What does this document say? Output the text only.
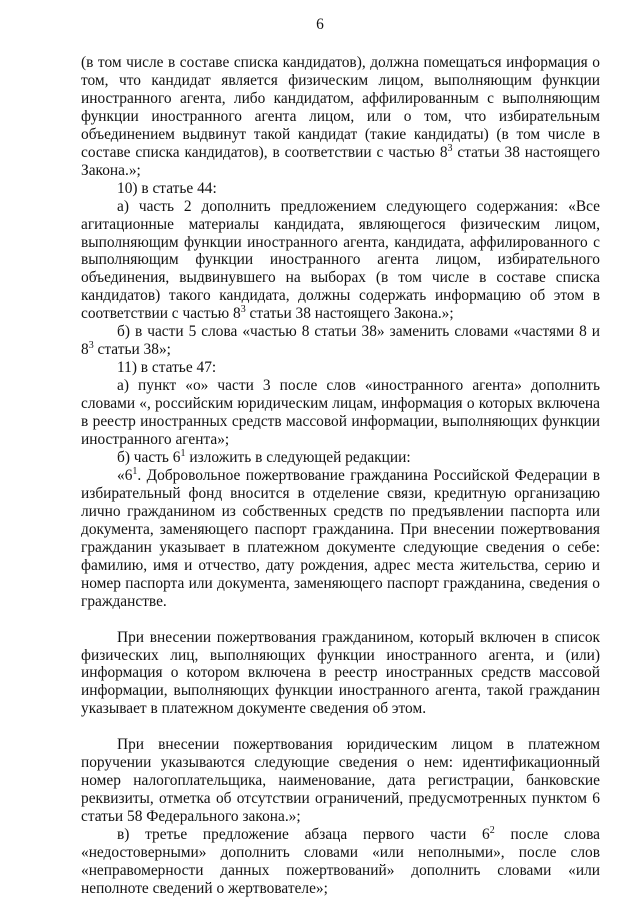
6

(в том числе в составе списка кандидатов), должна помещаться информация о том, что кандидат является физическим лицом, выполняющим функции иностранного агента, либо кандидатом, аффилированным с выполняющим функции иностранного агента лицом, или о том, что избирательным объединением выдвинут такой кандидат (такие кандидаты) (в том числе в составе списка кандидатов), в соответствии с частью $8^3$ статьи 38 настоящего Закона.»;

10) в статье 44:

а) часть 2 дополнить предложением следующего содержания: «Все агитационные материалы кандидата, являющегося физическим лицом, выполняющим функции иностранного агента, кандидата, аффилированного с выполняющим функции иностранного агента лицом, избирательного объединения, выдвинувшего на выборах (в том числе в составе списка кандидатов) такого кандидата, должны содержать информацию об этом в соответствии с частью $8^3$ статьи 38 настоящего Закона.»;

б) в части 5 слова «частью 8 статьи 38» заменить словами «частями 8 и $8^3$ статьи 38»;

11) в статье 47:

а) пункт «о» части 3 после слов «иностранного агента» дополнить словами «, российским юридическим лицам, информация о которых включена в реестр иностранных средств массовой информации, выполняющих функции иностранного агента»;

б) часть $6^1$ изложить в следующей редакции:

«$6^1$. Добровольное пожертвование гражданина Российской Федерации в избирательный фонд вносится в отделение связи, кредитную организацию лично гражданином из собственных средств по предъявлении паспорта или документа, заменяющего паспорт гражданина. При внесении пожертвования гражданин указывает в платежном документе следующие сведения о себе: фамилию, имя и отчество, дату рождения, адрес места жительства, серию и номер паспорта или документа, заменяющего паспорт гражданина, сведения о гражданстве.

При внесении пожертвования гражданином, который включен в список физических лиц, выполняющих функции иностранного агента, и (или) информация о котором включена в реестр иностранных средств массовой информации, выполняющих функции иностранного агента, такой гражданин указывает в платежном документе сведения об этом.

При внесении пожертвования юридическим лицом в платежном поручении указываются следующие сведения о нем: идентификационный номер налогоплательщика, наименование, дата регистрации, банковские реквизиты, отметка об отсутствии ограничений, предусмотренных пунктом 6 статьи 58 Федерального закона.»;

в) третье предложение абзаца первого части $6^2$ после слова «недостоверными» дополнить словами «или неполными», после слов «неправомерности данных пожертвований» дополнить словами «или неполноте сведений о жертвователе»;
